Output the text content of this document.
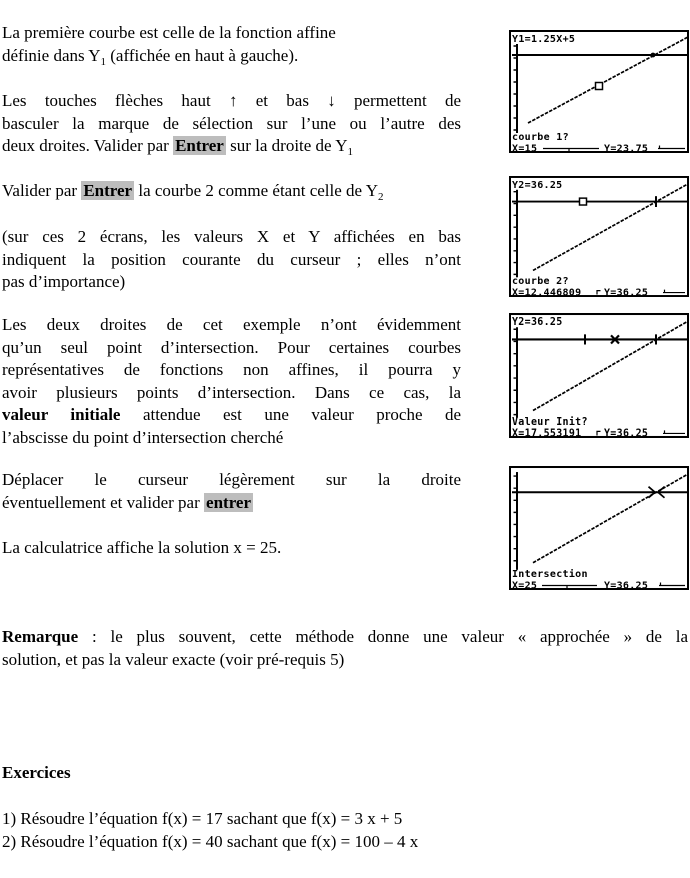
La première courbe est celle de la fonction affine
définie dans $Y_1$ (affichée en haut à gauche).

Les touches flèches haut ↑ et bas ↓ permettent de
basculer la marque de sélection sur l’une ou l’autre des
deux droites. Valider par Entrer sur la droite de $Y_1$

Valider par Entrer la courbe 2 comme étant celle de $Y_2$

(sur ces 2 écrans, les valeurs X et Y affichées en bas
indiquent la position courante du curseur ; elles n’ont
pas d’importance)

Les deux droites de cet exemple n’ont évidemment
qu’un seul point d’intersection. Pour certaines courbes
représentatives de fonctions non affines, il pourra y
avoir plusieurs points d’intersection. Dans ce cas, la
valeur initiale attendue est une valeur proche de
l’abscisse du point d’intersection cherché

Déplacer le curseur légèrement sur la droite
éventuellement et valider par entrer

La calculatrice affiche la solution x = 25.

Remarque : le plus souvent, cette méthode donne une valeur « approchée » de la
solution, et pas la valeur exacte (voir pré-requis 5)

Exercices

1) Résoudre l’équation f(x) = 17 sachant que f(x) = 3 x + 5

2) Résoudre l’équation f(x) = 40 sachant que f(x) = 100 – 4 x

Y1=1.25X+5
courbe 1?
X=15	Y=23.75
Y2=36.25
courbe 2?
X=12.446809 Y=36.25
Y2=36.25
Valeur Init?
X=17.553191 Y=36.25
Intersection
X=25	Y=36.25
